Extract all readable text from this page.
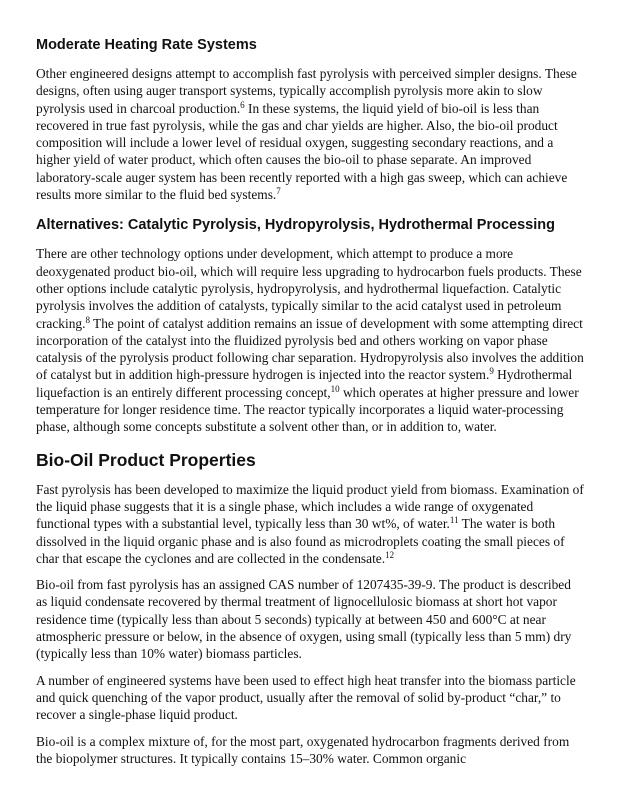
Moderate Heating Rate Systems

Other engineered designs attempt to accomplish fast pyrolysis with perceived simpler designs. These designs, often using auger transport systems, typically accomplish pyrolysis more akin to slow pyrolysis used in charcoal production.$^6$ In these systems, the liquid yield of bio-oil is less than recovered in true fast pyrolysis, while the gas and char yields are higher. Also, the bio-oil product composition will include a lower level of residual oxygen, suggesting secondary reactions, and a higher yield of water product, which often causes the bio-oil to phase separate. An improved laboratory-scale auger system has been recently reported with a high gas sweep, which can achieve results more similar to the fluid bed systems.$^7$

Alternatives: Catalytic Pyrolysis, Hydropyrolysis, Hydrothermal Processing

There are other technology options under development, which attempt to produce a more deoxygenated product bio-oil, which will require less upgrading to hydrocarbon fuels products. These other options include catalytic pyrolysis, hydropyrolysis, and hydrothermal liquefaction. Catalytic pyrolysis involves the addition of catalysts, typically similar to the acid catalyst used in petroleum cracking.$^8$ The point of catalyst addition remains an issue of development with some attempting direct incorporation of the catalyst into the fluidized pyrolysis bed and others working on vapor phase catalysis of the pyrolysis product following char separation. Hydropyrolysis also involves the addition of catalyst but in addition high-pressure hydrogen is injected into the reactor system.$^9$ Hydrothermal liquefaction is an entirely different processing concept,$^{10}$ which operates at higher pressure and lower temperature for longer residence time. The reactor typically incorporates a liquid water-processing phase, although some concepts substitute a solvent other than, or in addition to, water.

Bio-Oil Product Properties

Fast pyrolysis has been developed to maximize the liquid product yield from biomass. Examination of the liquid phase suggests that it is a single phase, which includes a wide range of oxygenated functional types with a substantial level, typically less than 30 wt%, of water.$^{11}$ The water is both dissolved in the liquid organic phase and is also found as microdroplets coating the small pieces of char that escape the cyclones and are collected in the condensate.$^{12}$

Bio-oil from fast pyrolysis has an assigned CAS number of 1207435-39-9. The product is described as liquid condensate recovered by thermal treatment of lignocellulosic biomass at short hot vapor residence time (typically less than about 5 seconds) typically at between 450 and 600°C at near atmospheric pressure or below, in the absence of oxygen, using small (typically less than 5 mm) dry (typically less than 10% water) biomass particles.

A number of engineered systems have been used to effect high heat transfer into the biomass particle and quick quenching of the vapor product, usually after the removal of solid by-product “char,” to recover a single-phase liquid product.

Bio-oil is a complex mixture of, for the most part, oxygenated hydrocarbon fragments derived from the biopolymer structures. It typically contains 15–30% water. Common organic
